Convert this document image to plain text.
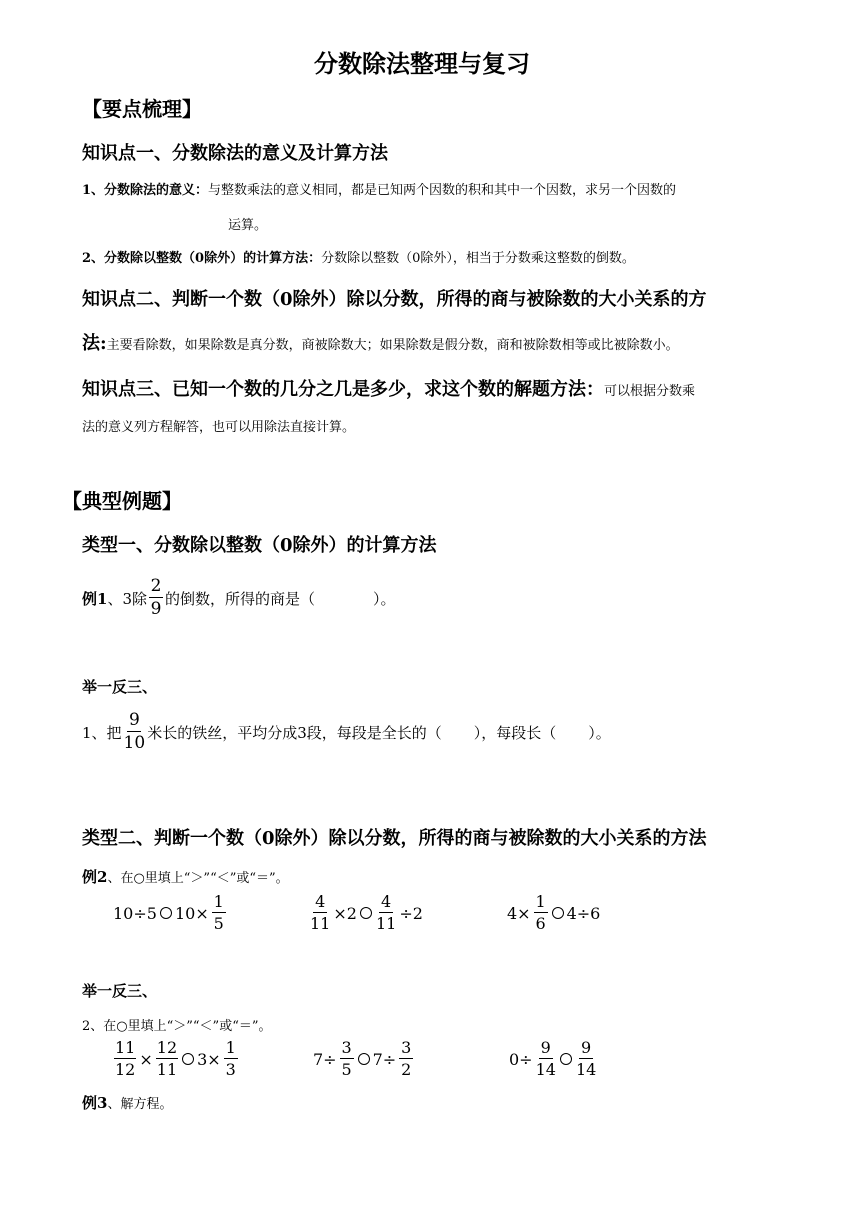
分数除法整理与复习
【要点梳理】
知识点一、分数除法的意义及计算方法
1、分数除法的意义：与整数乘法的意义相同，都是已知两个因数的积和其中一个因数，求另一个因数的
运算。
2、分数除以整数（0除外）的计算方法：分数除以整数（0除外），相当于分数乘这整数的倒数。
知识点二、判断一个数（0除外）除以分数，所得的商与被除数的大小关系的方
法:主要看除数，如果除数是真分数，商被除数大；如果除数是假分数，商和被除数相等或比被除数小。
知识点三、已知一个数的几分之几是多少，求这个数的解题方法：可以根据分数乘
法的意义列方程解答，也可以用除法直接计算。
【典型例题】
类型一、分数除以整数（0除外）的计算方法
例1 、3除 $\frac{2}{9}$ 的倒数，所得的商是（	）。
举一反三、
1、把 $\frac{9}{10}$ 米长的铁丝，平均分成3段，每段是全长的（ ），每段长（ ）。
类型二、判断一个数（0除外）除以分数，所得的商与被除数的大小关系的方法
例2、在○里填上“＞”“＜”或“＝”。
10÷5 $10\times \frac{1}{5}$	$\frac{4}{11} \times 2 \frac{4}{11} \div 2$	$4\times \frac{1}{6} 4\div 6$
举一反三、
2、在○里填上“＞”“＜”或“＝”。
$\frac{11}{12} \times \frac{12}{11} 3\times \frac{1}{3}$	$7\div \frac{3}{5} 7\div \frac{3}{2}$	$0\div \frac{9}{14} \frac{9}{14}$
例3、解方程。
